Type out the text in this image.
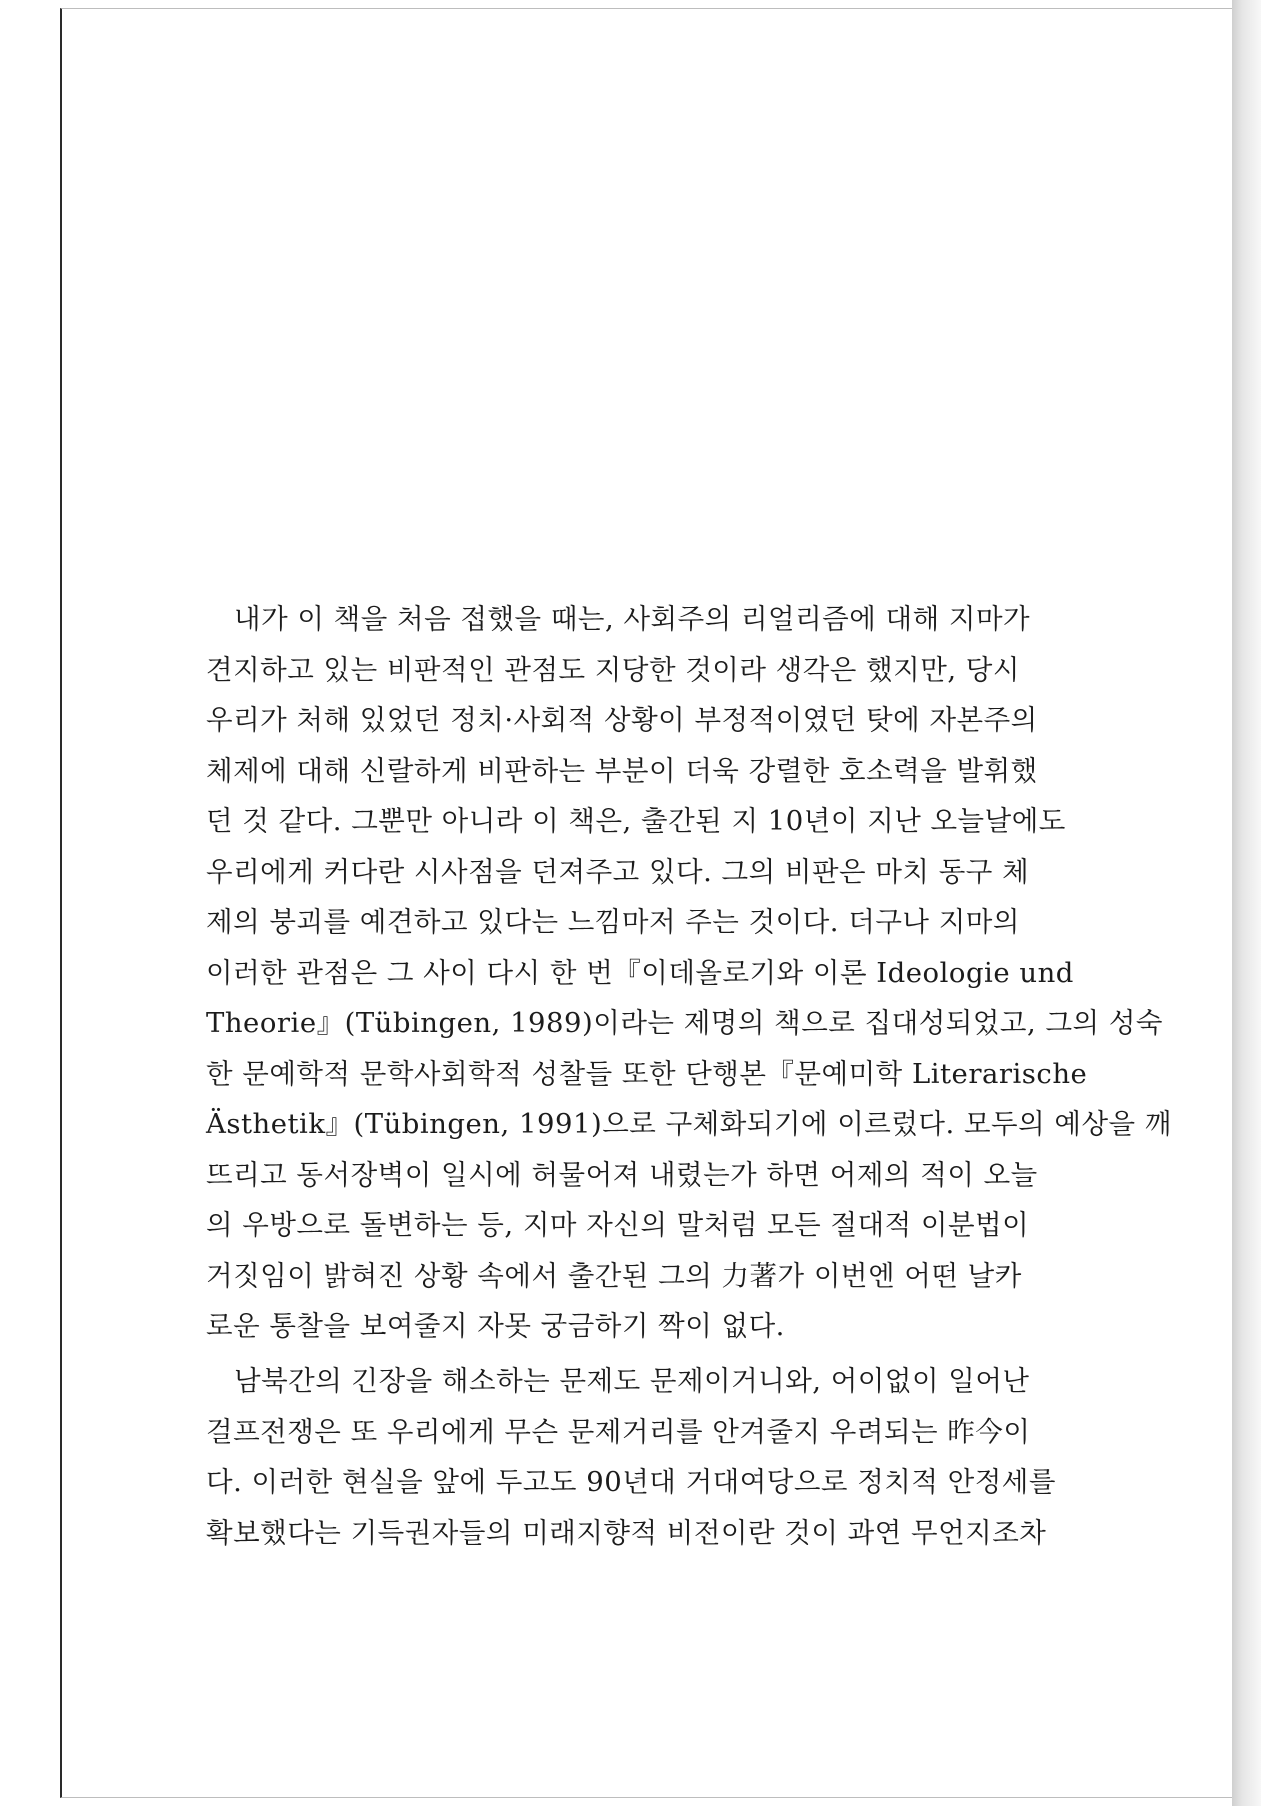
내가 이 책을 처음 접했을 때는, 사회주의 리얼리즘에 대해 지마가
견지하고 있는 비판적인 관점도 지당한 것이라 생각은 했지만, 당시
우리가 처해 있었던 정치·사회적 상황이 부정적이였던 탓에 자본주의
체제에 대해 신랄하게 비판하는 부분이 더욱 강렬한 호소력을 발휘했
던 것 같다. 그뿐만 아니라 이 책은, 출간된 지 10년이 지난 오늘날에도
우리에게 커다란 시사점을 던져주고 있다. 그의 비판은 마치 동구 체
제의 붕괴를 예견하고 있다는 느낌마저 주는 것이다. 더구나 지마의
이러한 관점은 그 사이 다시 한 번『이데올로기와 이론 Ideologie und
Theorie』(Tübingen, 1989)이라는 제명의 책으로 집대성되었고, 그의 성숙
한 문예학적 문학사회학적 성찰들 또한 단행본『문예미학 Literarische
Ästhetik』(Tübingen, 1991)으로 구체화되기에 이르렀다. 모두의 예상을 깨
뜨리고 동서장벽이 일시에 허물어져 내렸는가 하면 어제의 적이 오늘
의 우방으로 돌변하는 등, 지마 자신의 말처럼 모든 절대적 이분법이
거짓임이 밝혀진 상황 속에서 출간된 그의 力著가 이번엔 어떤 날카
로운 통찰을 보여줄지 자못 궁금하기 짝이 없다.
남북간의 긴장을 해소하는 문제도 문제이거니와, 어이없이 일어난
걸프전쟁은 또 우리에게 무슨 문제거리를 안겨줄지 우려되는 昨今이
다. 이러한 현실을 앞에 두고도 90년대 거대여당으로 정치적 안정세를
확보했다는 기득권자들의 미래지향적 비전이란 것이 과연 무언지조차
